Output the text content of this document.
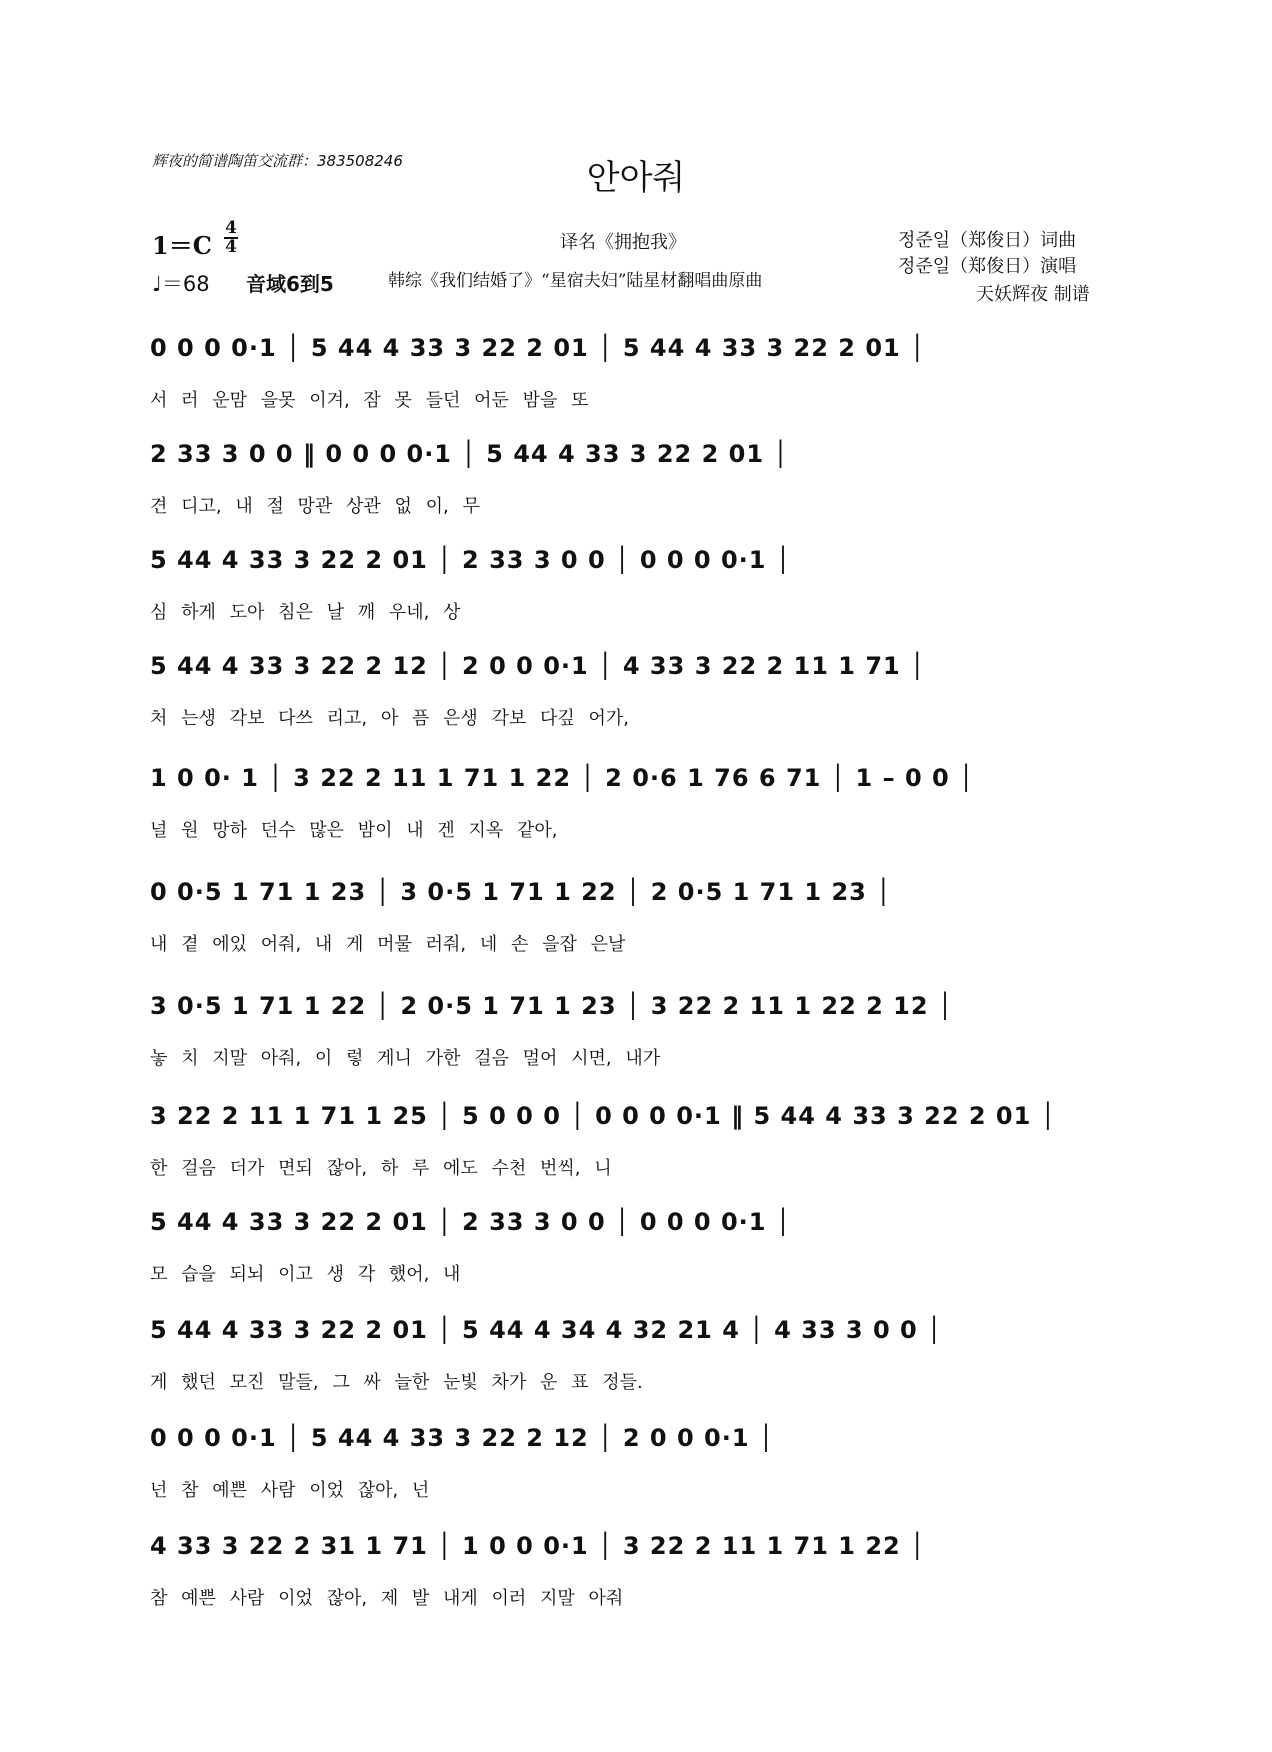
辉夜的简谱陶笛交流群：383508246	안아줘
1＝C
4
4
♩＝68 音域6到5
译名《拥抱我》
韩综《我们结婚了》“星宿夫妇”陆星材翻唱曲原曲
정준일（郑俊日）词曲
정준일（郑俊日）演唱
天妖辉夜 制谱
0 0 0 0·1 │ 5 44 4 33 3 22 2 01 │ 5 44 4 33 3 22 2 01 │
서 러 운맘 을못 이겨, 잠 못 들던 어둔 밤을 또
2 33 3 0 0 ‖ 0 0 0 0·1 │ 5 44 4 33 3 22 2 01 │
견 디고, 내 절 망관 상관 없 이, 무
5 44 4 33 3 22 2 01 │ 2 33 3 0 0 │ 0 0 0 0·1 │
심 하게 도아 침은 날 깨 우네, 상
5 44 4 33 3 22 2 12 │ 2 0 0 0·1 │ 4 33 3 22 2 11 1 71 │
처 는생 각보 다쓰 리고, 아 픔 은생 각보 다깊 어가,
1 0 0· 1 │ 3 22 2 11 1 71 1 22 │ 2 0·6 1 76 6 71 │ 1 – 0 0 │
널 원 망하 던수 많은 밤이 내 겐 지옥 같아,
0 0·5 1 71 1 23 │ 3 0·5 1 71 1 22 │ 2 0·5 1 71 1 23 │
내 곁 에있 어줘, 내 게 머물 러줘, 네 손 을잡 은날
3 0·5 1 71 1 22 │ 2 0·5 1 71 1 23 │ 3 22 2 11 1 22 2 12 │
놓 치 지말 아줘, 이 렇 게니 가한 걸음 멀어 시면, 내가
3 22 2 11 1 71 1 25 │ 5 0 0 0 │ 0 0 0 0·1 ‖ 5 44 4 33 3 22 2 01 │
한 걸음 더가 면되 잖아, 하 루 에도 수천 번씩, 니
5 44 4 33 3 22 2 01 │ 2 33 3 0 0 │ 0 0 0 0·1 │
모 습을 되뇌 이고 생 각 했어, 내
5 44 4 33 3 22 2 01 │ 5 44 4 34 4 32 21 4 │ 4 33 3 0 0 │
게 했던 모진 말들, 그 싸 늘한 눈빛 차가 운 표 정들.
0 0 0 0·1 │ 5 44 4 33 3 22 2 12 │ 2 0 0 0·1 │
넌 참 예쁜 사람 이었 잖아, 넌
4 33 3 22 2 31 1 71 │ 1 0 0 0·1 │ 3 22 2 11 1 71 1 22 │
참 예쁜 사람 이었 잖아, 제 발 내게 이러 지말 아줘
